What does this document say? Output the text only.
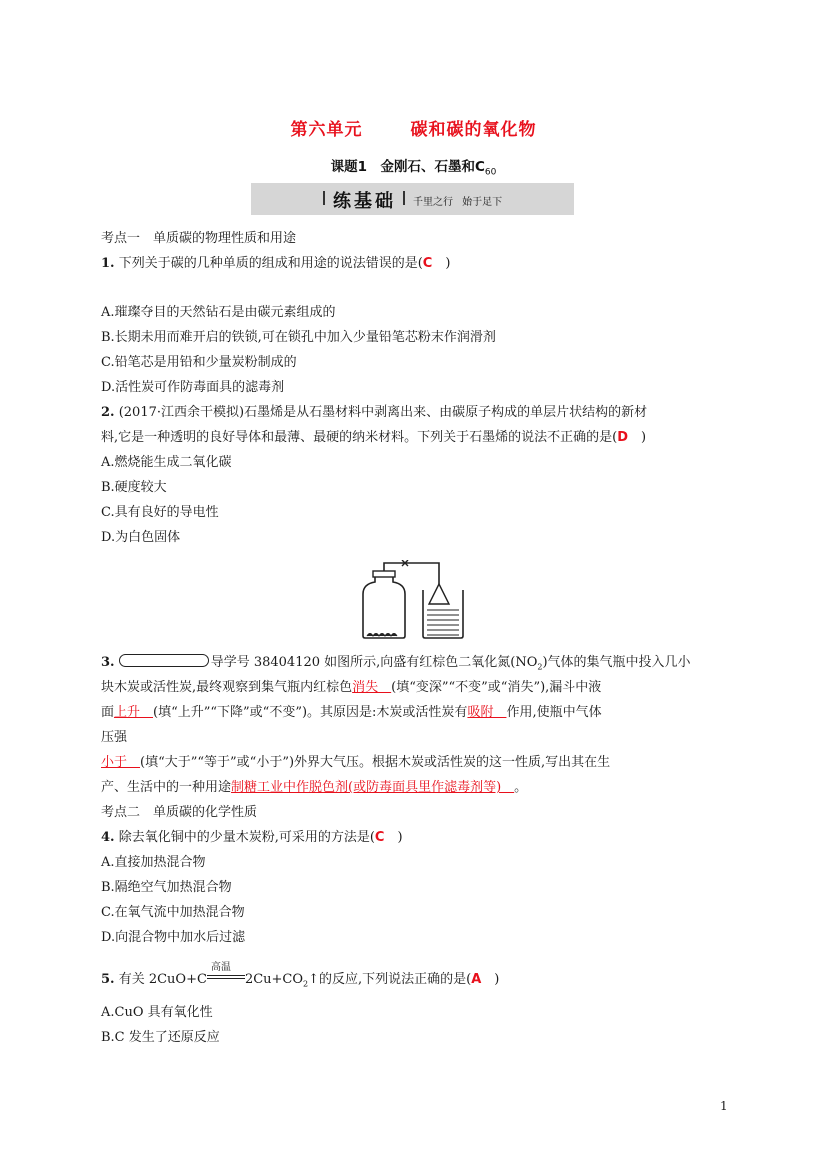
第六单元	碳和碳的氧化物
课题1　金刚石、石墨和$C_{60}$
练基础 千里之行 始于足下
考点一　单质碳的物理性质和用途
1. 下列关于碳的几种单质的组成和用途的说法错误的是(C　)
A.璀璨夺目的天然钻石是由碳元素组成的
B.长期未用而难开启的铁锁,可在锁孔中加入少量铅笔芯粉末作润滑剂
C.铅笔芯是用铅和少量炭粉制成的
D.活性炭可作防毒面具的滤毒剂
2. (2017·江西余干模拟)石墨烯是从石墨材料中剥离出来、由碳原子构成的单层片状结构的新材
料,它是一种透明的良好导体和最薄、最硬的纳米材料。下列关于石墨烯的说法不正确的是(D　)
A.燃烧能生成二氧化碳
B.硬度较大
C.具有良好的导电性
D.为白色固体
3.	导学号 38404120 如图所示,向盛有红棕色二氧化氮$(NO_2)$气体的集气瓶中投入几小
块木炭或活性炭,最终观察到集气瓶内红棕色消失　(填“变深”“不变”或“消失”),漏斗中液
面上升　(填“上升”“下降”或“不变”)。其原因是:木炭或活性炭有吸附　作用,使瓶中气体
压强
小于　(填“大于”“等于”或“小于”)外界大气压。根据木炭或活性炭的这一性质,写出其在生
产、生活中的一种用途制糖工业中作脱色剂(或防毒面具里作滤毒剂等)　。
考点二　单质碳的化学性质
4. 除去氧化铜中的少量木炭粉,可采用的方法是(C　)
A.直接加热混合物
B.隔绝空气加热混合物
C.在氧气流中加热混合物
D.向混合物中加水后过滤
5. 有关 2CuO+C
高温
$2Cu+CO_2↑$的反应,下列说法正确的是(A　)
A.CuO 具有氧化性
B.C 发生了还原反应
1
